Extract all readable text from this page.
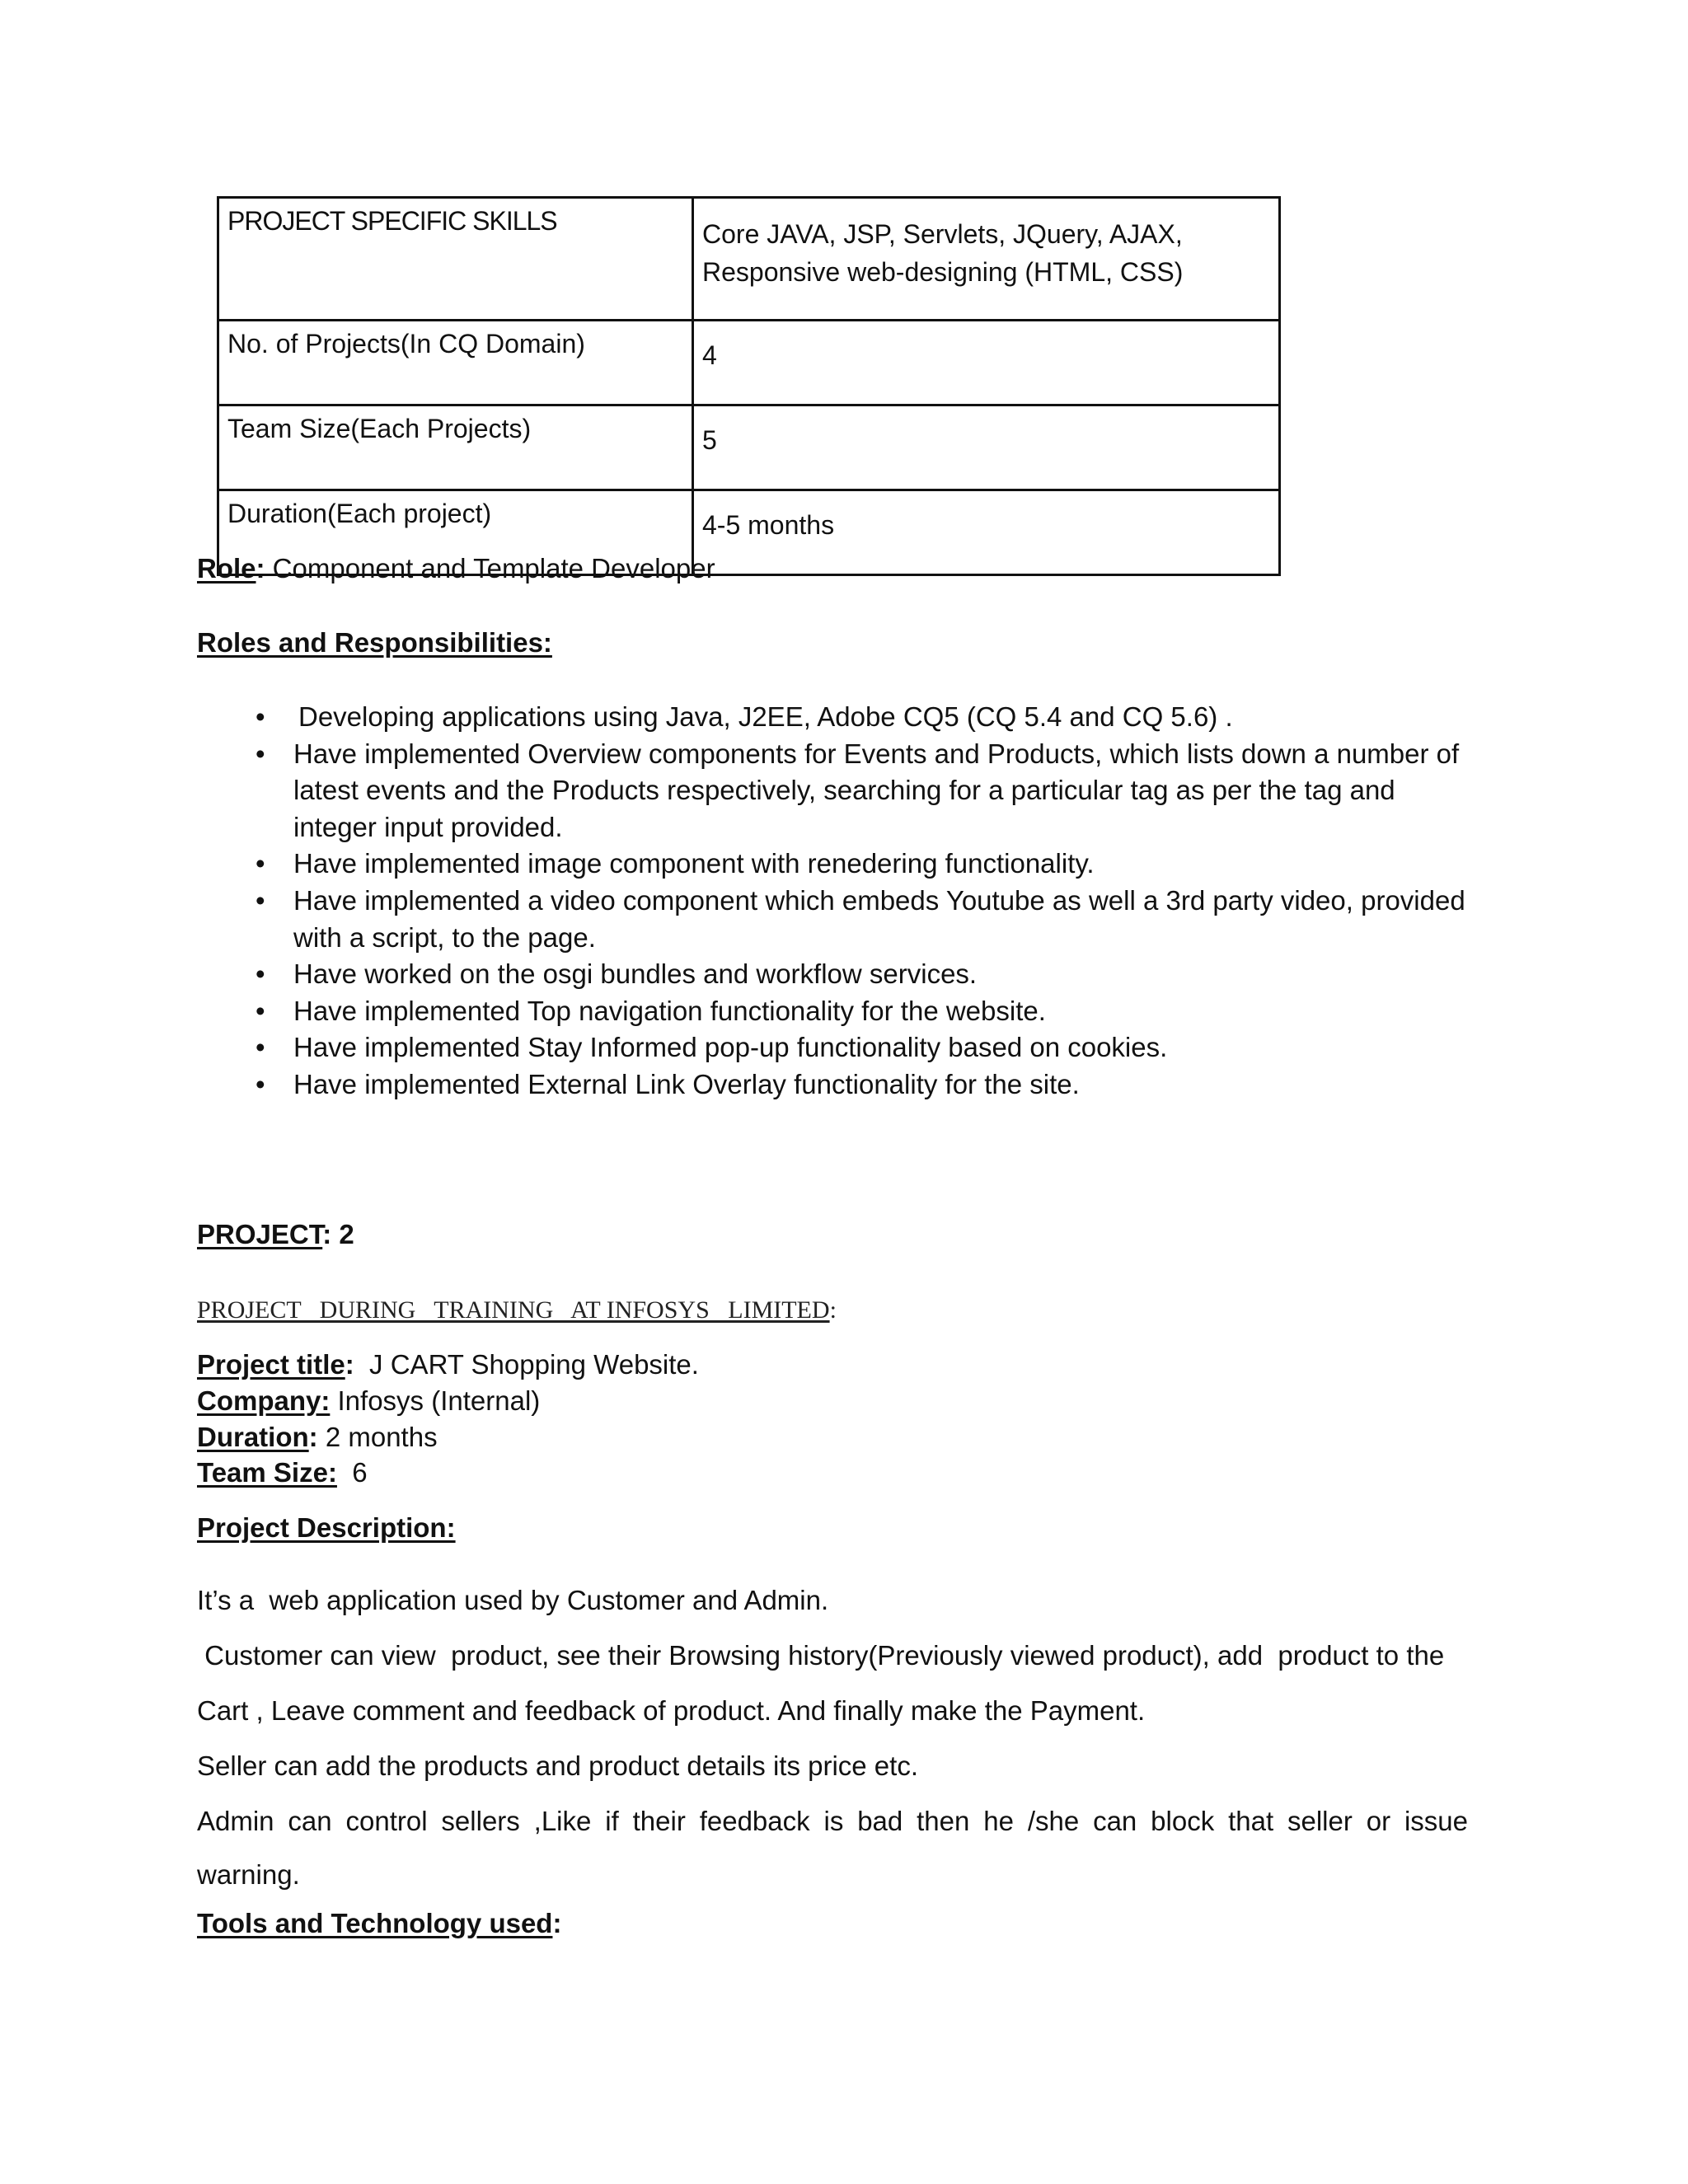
PROJECT SPECIFIC SKILLS	Core JAVA, JSP, Servlets, JQuery, AJAX,
Responsive web-designing (HTML, CSS)

No. of Projects(In CQ Domain)	4
Team Size(Each Projects)	5
Duration(Each project)	4-5 months
Role: Component and Template Developer
Roles and Responsibilities:
• Developing applications using Java, J2EE, Adobe CQ5 (CQ 5.4 and CQ 5.6) .
• Have implemented Overview components for Events and Products, which lists down a number of latest events and the Products respectively, searching for a particular tag as per the tag and integer input provided.
• Have implemented image component with renedering functionality.
• Have implemented a video component which embeds Youtube as well a 3rd party video, provided with a script, to the page.
• Have worked on the osgi bundles and workflow services.
• Have implemented Top navigation functionality for the website.
• Have implemented Stay Informed pop-up functionality based on cookies.
• Have implemented External Link Overlay functionality for the site.
PROJECT: 2
PROJECT   DURING   TRAINING   AT INFOSYS   LIMITED:
Project title:  J CART Shopping Website.
Company: Infosys (Internal)
Duration: 2 months
Team Size:  6
Project Description:
It’s a  web application used by Customer and Admin.
Customer can view  product, see their Browsing history(Previously viewed product), add  product to the
Cart , Leave comment and feedback of product. And finally make the Payment.
Seller can add the products and product details its price etc.
Admin can control sellers ,Like if their feedback is bad then he /she can block that seller or issue
warning.
Tools and Technology used:
